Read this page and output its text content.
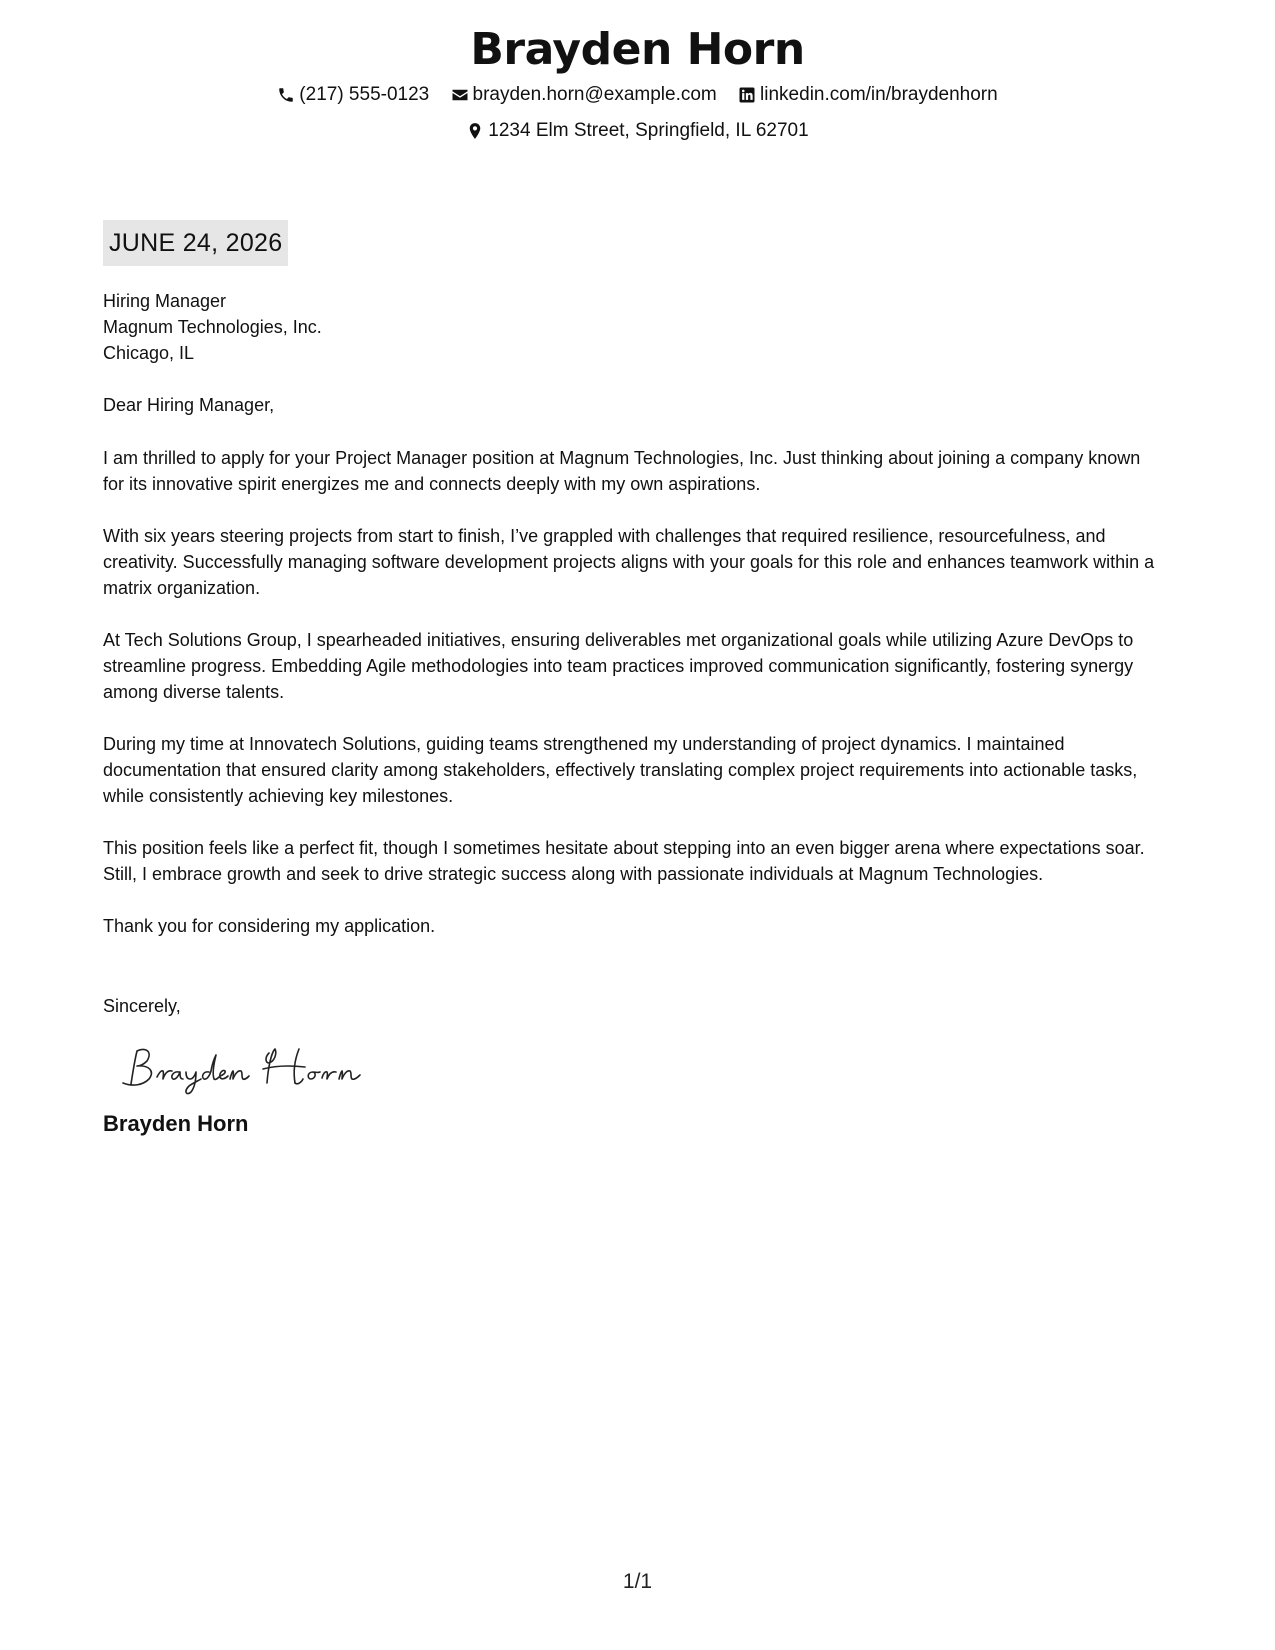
Brayden Horn
(217) 555-0123
brayden.horn@example.com
linkedin.com/in/braydenhorn
1234 Elm Street, Springfield, IL 62701
JUNE 24, 2026
Hiring Manager
Magnum Technologies, Inc.
Chicago, IL

Dear Hiring Manager,

I am thrilled to apply for your Project Manager position at Magnum Technologies, Inc. Just thinking about joining a company known for its innovative spirit energizes me and connects deeply with my own aspirations.

With six years steering projects from start to finish, I’ve grappled with challenges that required resilience, resourcefulness, and creativity. Successfully managing software development projects aligns with your goals for this role and enhances teamwork within a matrix organization.

At Tech Solutions Group, I spearheaded initiatives, ensuring deliverables met organizational goals while utilizing Azure DevOps to streamline progress. Embedding Agile methodologies into team practices improved communication significantly, fostering synergy among diverse talents.

During my time at Innovatech Solutions, guiding teams strengthened my understanding of project dynamics. I maintained documentation that ensured clarity among stakeholders, effectively translating complex project requirements into actionable tasks, while consistently achieving key milestones.

This position feels like a perfect fit, though I sometimes hesitate about stepping into an even bigger arena where expectations soar. Still, I embrace growth and seek to drive strategic success along with passionate individuals at Magnum Technologies.

Thank you for considering my application.

Sincerely,
Brayden Horn
1/1
